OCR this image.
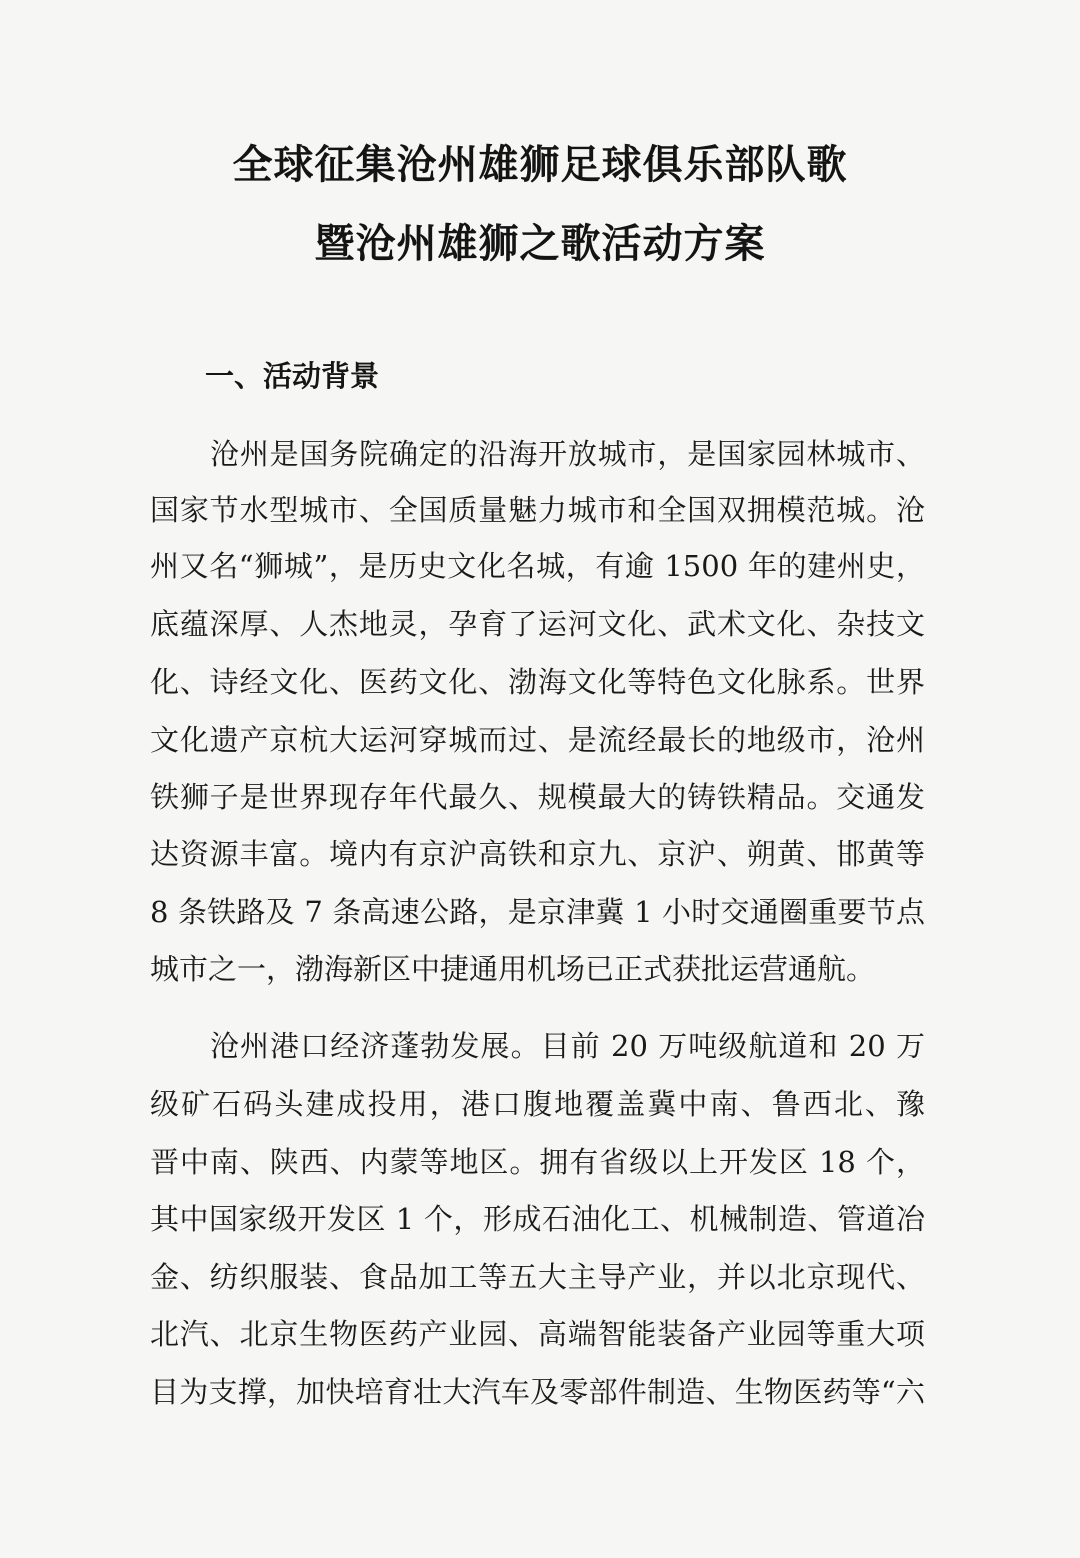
全球征集沧州雄狮足球俱乐部队歌
暨沧州雄狮之歌活动方案
一、活动背景
沧州是国务院确定的沿海开放城市，是国家园林城市、
国家节水型城市、全国质量魅力城市和全国双拥模范城。沧
州又名“狮城”，是历史文化名城，有逾 1500 年的建州史，
底蕴深厚、人杰地灵，孕育了运河文化、武术文化、杂技文
化、诗经文化、医药文化、渤海文化等特色文化脉系。世界
文化遗产京杭大运河穿城而过、是流经最长的地级市，沧州
铁狮子是世界现存年代最久、规模最大的铸铁精品。交通发
达资源丰富。境内有京沪高铁和京九、京沪、朔黄、邯黄等
8 条铁路及 7 条高速公路，是京津冀 1 小时交通圈重要节点
城市之一，渤海新区中捷通用机场已正式获批运营通航。
沧州港口经济蓬勃发展。目前 20 万吨级航道和 20 万
级矿石码头建成投用，港口腹地覆盖冀中南、鲁西北、豫
晋中南、陕西、内蒙等地区。拥有省级以上开发区 18 个，
其中国家级开发区 1 个，形成石油化工、机械制造、管道冶
金、纺织服装、食品加工等五大主导产业，并以北京现代、
北汽、北京生物医药产业园、高端智能装备产业园等重大项
目为支撑，加快培育壮大汽车及零部件制造、生物医药等“六
